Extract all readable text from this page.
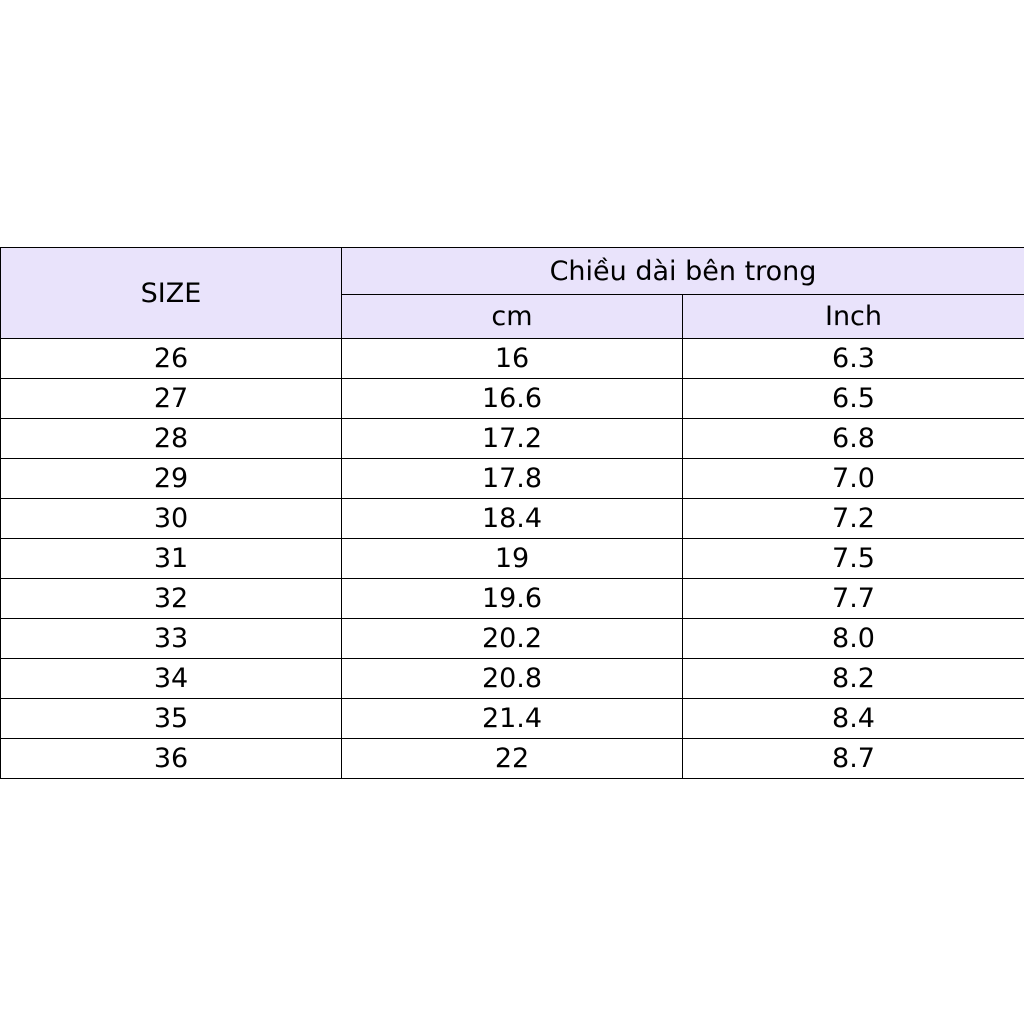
SIZE	Chiều dài bên trong	
	cm	Inch
26	16	6.3
27	16.6	6.5
28	17.2	6.8
29	17.8	7.0
30	18.4	7.2
31	19	7.5
32	19.6	7.7
33	20.2	8.0
34	20.8	8.2
35	21.4	8.4
36	22	8.7
